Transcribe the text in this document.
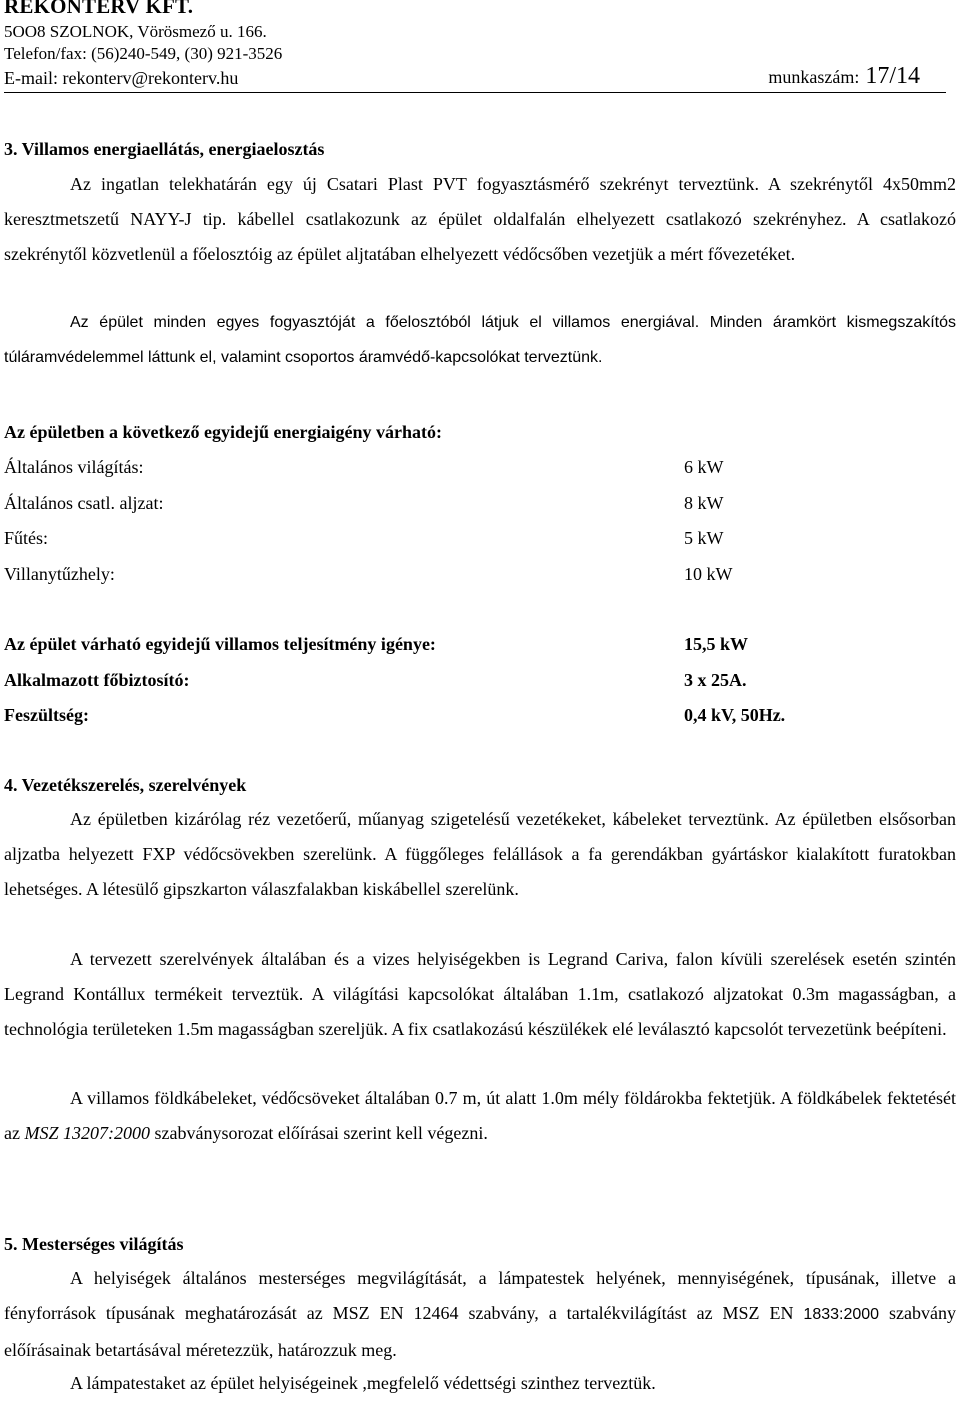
REKONTERV KFT.
5OO8 SZOLNOK, Vörösmező u. 166.
Telefon/fax: (56)240-549, (30) 921-3526
E-mail: rekonterv@rekonterv.hu	munkaszám: 17/14
3. Villamos energiaellátás, energiaelosztás

Az ingatlan telekhatárán egy új Csatari Plast PVT fogyasztásmérő szekrényt terveztünk. A szekrénytől 4x50mm2 keresztmetszetű NAYY-J tip. kábellel csatlakozunk az épület oldalfalán elhelyezett csatlakozó szekrényhez. A csatlakozó szekrénytől közvetlenül a főelosztóig az épület aljtatában elhelyezett védőcsőben vezetjük a mért fővezetéket.

Az épület minden egyes fogyasztóját a főelosztóból látjuk el villamos energiával. Minden áramkört kismegszakítós túláramvédelemmel láttunk el, valamint csoportos áramvédő-kapcsolókat terveztünk.

Az épületben a következő egyidejű energiaigény várható:
Általános világítás:	6 kW
Általános csatl. aljzat:	8 kW
Fűtés:	5 kW
Villanytűzhely:	10 kW
Az épület várható egyidejű villamos teljesítmény igénye:	15,5 kW
Alkalmazott főbiztosító:	3 x 25A.
Feszültség:	0,4 kV, 50Hz.
4. Vezetékszerelés, szerelvények

Az épületben kizárólag réz vezetőerű, műanyag szigetelésű vezetékeket, kábeleket terveztünk. Az épületben elsősorban aljzatba helyezett FXP védőcsövekben szerelünk. A függőleges felállások a fa gerendákban gyártáskor kialakított furatokban lehetséges. A létesülő gipszkarton válaszfalakban kiskábellel szerelünk.

A tervezett szerelvények általában és a vizes helyiségekben is Legrand Cariva, falon kívüli szerelések esetén szintén Legrand Kontállux termékeit terveztük. A világítási kapcsolókat általában 1.1m, csatlakozó aljzatokat 0.3m magasságban, a technológia területeken 1.5m magasságban szereljük. A fix csatlakozású készülékek elé leválasztó kapcsolót tervezetünk beépíteni.

A villamos földkábeleket, védőcsöveket általában 0.7 m, út alatt 1.0m mély földárokba fektetjük. A földkábelek fektetését az MSZ 13207:2000 szabványsorozat előírásai szerint kell végezni.

5. Mesterséges világítás

A helyiségek általános mesterséges megvilágítását, a lámpatestek helyének, mennyiségének, típusának, illetve a fényforrások típusának meghatározását az MSZ EN 12464 szabvány, a tartalékvilágítást az MSZ EN 1833:2000 szabvány előírásainak betartásával méretezzük, határozzuk meg.

A lámpatestaket az épület helyiségeinek ,megfelelő védettségi szinthez terveztük.
